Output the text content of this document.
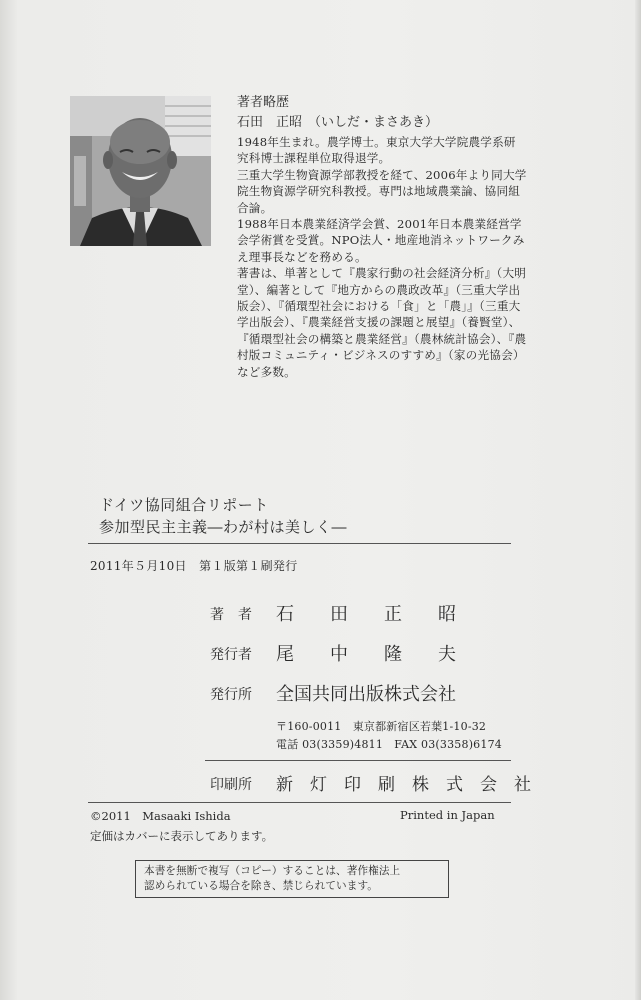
著者略歴
石田　正昭 （いしだ・まさあき）

1948年生まれ。農学博士。東京大学大学院農学系研究科博士課程単位取得退学。

三重大学生物資源学部教授を経て、2006年より同大学院生物資源学研究科教授。専門は地域農業論、協同組合論。

1988年日本農業経済学会賞、2001年日本農業経営学会学術賞を受賞。NPO法人・地産地消ネットワークみえ理事長などを務める。

著書は、単著として『農家行動の社会経済分析』（大明堂）、編著として『地方からの農政改革』（三重大学出版会）、『循環型社会における「食」と「農」』（三重大学出版会）、『農業経営支援の課題と展望』（養賢堂）、『循環型社会の構築と農業経営』（農林統計協会）、『農村版コミュニティ・ビジネスのすすめ』（家の光協会）など多数。

ドイツ協同組合リポート
参加型民主主義―わが村は美しく―
2011年５月10日　第１版第１刷発行
著　者 石　　田　　正　　昭
発行者 尾　　中　　隆　　夫
発行所 全国共同出版株式会社
〒160-0011　東京都新宿区若葉1-10-32
電話 03(3359)4811　FAX 03(3358)6174
印刷所 新　灯　印　刷　株　式　会　社
©2011　Masaaki Ishida	Printed in Japan
定価はカバーに表示してあります。
本書を無断で複写（コピー）することは、著作権法上
認められている場合を除き、禁じられています。
